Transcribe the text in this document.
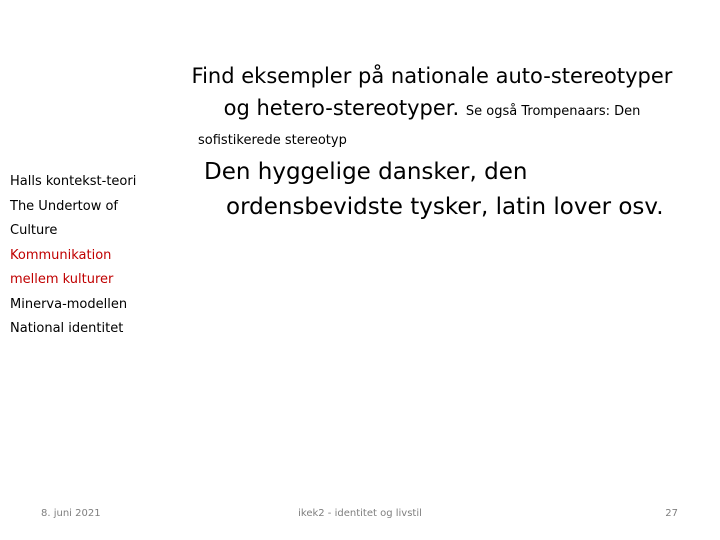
Find eksempler på nationale auto-stereotyper
og hetero-stereotyper. Se også Trompenaars: Den
sofistikerede stereotyp
Halls kontekst-teori
The Undertow of
Culture
Kommunikation
mellem kulturer
Minerva-modellen
National identitet
Den hyggelige dansker, den
ordensbevidste tysker, latin lover osv.
8. juni 2021	ikek2 - identitet og livstil	27
